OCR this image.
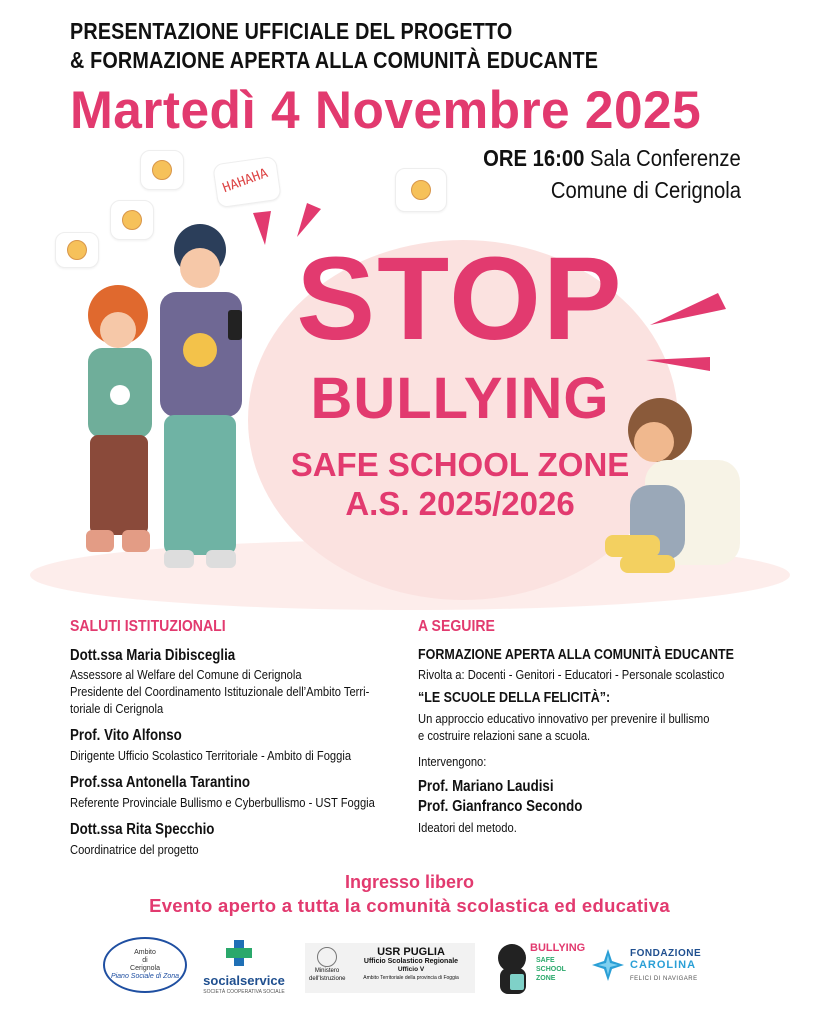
PRESENTAZIONE UFFICIALE DEL PROGETTO
& FORMAZIONE APERTA ALLA COMUNITÀ EDUCANTE
Martedì 4 Novembre 2025
ORE 16:00 Sala Conferenze
Comune di Cerignola
STOP
BULLYING
SAFE SCHOOL ZONE
A.S. 2025/2026
HAHAHA
SALUTI ISTITUZIONALI
Dott.ssa Maria Dibisceglia
Assessore al Welfare del Comune di Cerignola
Presidente del Coordinamento Istituzionale dell’Ambito Terri-
toriale di Cerignola
Prof. Vito Alfonso
Dirigente Ufficio Scolastico Territoriale - Ambito di Foggia
Prof.ssa Antonella Tarantino
Referente Provinciale Bullismo e Cyberbullismo - UST Foggia
Dott.ssa Rita Specchio
Coordinatrice del progetto
A SEGUIRE
FORMAZIONE APERTA ALLA COMUNITÀ EDUCANTE
Rivolta a: Docenti - Genitori - Educatori - Personale scolastico
“LE SCUOLE DELLA FELICITÀ”:
Un approccio educativo innovativo per prevenire il bullismo
e costruire relazioni sane a scuola.
Intervengono:
Prof. Mariano Laudisi
Prof. Gianfranco Secondo
Ideatori del metodo.
Ingresso libero
Evento aperto a tutta la comunità scolastica ed educativa
Ambito
di
Cerignola
Piano Sociale di Zona	socialservice
SOCIETÀ COOPERATIVA SOCIALE
Ministero
dell'Istruzione
USR PUGLIA
Ufficio Scolastico Regionale
Ufficio V
Ambito Territoriale della provincia di Foggia
BULLYING
SAFE
SCHOOL
ZONE
FONDAZIONE
CAROLINA
FELICI DI NAVIGARE
